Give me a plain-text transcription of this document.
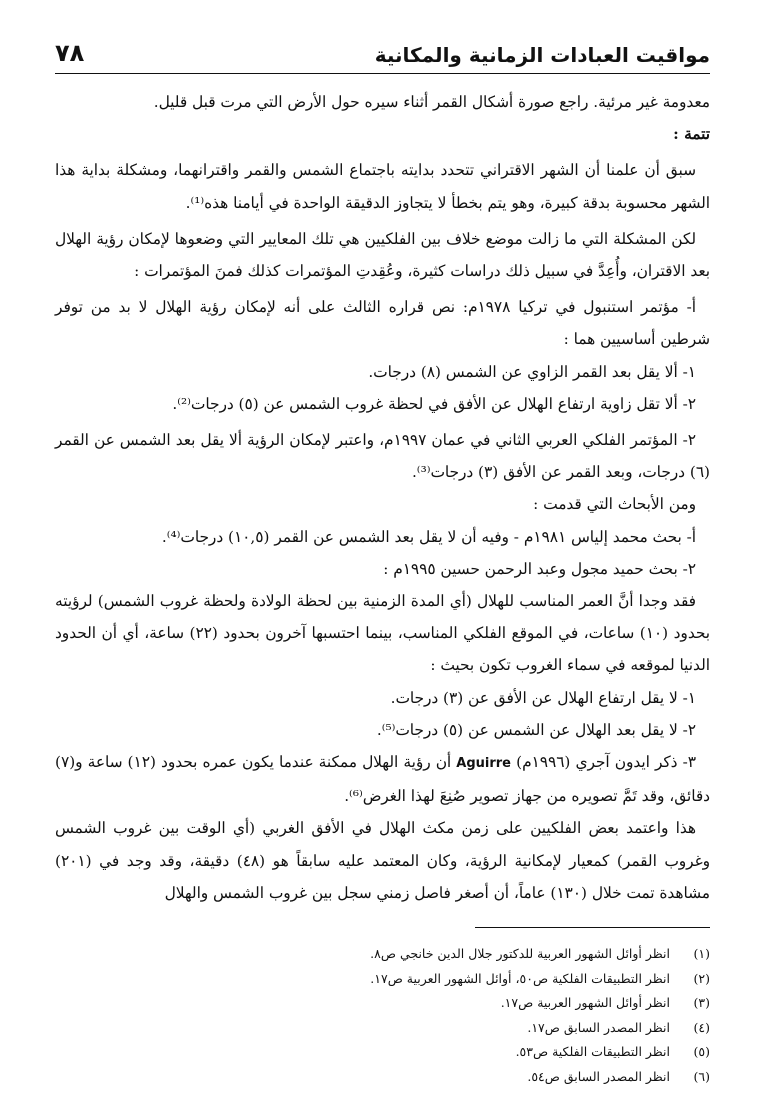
مواقيت العبادات الزمانية والمكانية
٧٨

معدومة غير مرئية. راجع صورة أشكال القمر أثناء سيره حول الأرض التي مرت قبل قليل.

تتمة :

سبق أن علمنا أن الشهر الاقتراني تتحدد بدايته باجتماع الشمس والقمر واقترانهما، ومشكلة بداية هذا الشهر محسوبة بدقة كبيرة، وهو يتم بخطأ لا يتجاوز الدقيقة الواحدة في أيامنا هذه⁽¹⁾.

لكن المشكلة التي ما زالت موضع خلاف بين الفلكيين هي تلك المعايير التي وضعوها لإمكان رؤية الهلال بعد الاقتران، وأُعِدَّ في سبيل ذلك دراسات كثيرة، وعُقِدتِ المؤتمرات كذلك فمنَ المؤتمرات :

أ- مؤتمر استنبول في تركيا ١٩٧٨م: نص قراره الثالث على أنه لإمكان رؤية الهلال لا بد من توفر شرطين أساسيين هما :

١- ألا يقل بعد القمر الزاوي عن الشمس (٨) درجات.

٢- ألا تقل زاوية ارتفاع الهلال عن الأفق في لحظة غروب الشمس عن (٥) درجات⁽²⁾.

٢- المؤتمر الفلكي العربي الثاني في عمان ١٩٩٧م، واعتبر لإمكان الرؤية ألا يقل بعد الشمس عن القمر (٦) درجات، وبعد القمر عن الأفق (٣) درجات⁽³⁾.

ومن الأبحاث التي قدمت :

أ- بحث محمد إلياس ١٩٨١م - وفيه أن لا يقل بعد الشمس عن القمر (١٠,٥) درجات⁽⁴⁾.

٢- بحث حميد مجول وعبد الرحمن حسين ١٩٩٥م :

فقد وجدا أنَّ العمر المناسب للهلال (أي المدة الزمنية بين لحظة الولادة ولحظة غروب الشمس) لرؤيته بحدود (١٠) ساعات، في الموقع الفلكي المناسب، بينما احتسبها آخرون بحدود (٢٢) ساعة، أي أن الحدود الدنيا لموقعه في سماء الغروب تكون بحيث :

١- لا يقل ارتفاع الهلال عن الأفق عن (٣) درجات.

٢- لا يقل بعد الهلال عن الشمس عن (٥) درجات⁽⁵⁾.

٣- ذكر ايدون آجري (١٩٩٦م) Aguirre أن رؤية الهلال ممكنة عندما يكون عمره بحدود (١٢) ساعة و(٧) دقائق، وقد تَمَّ تصويره من جهاز تصوير صُنِعَ لهذا الغرض⁽⁶⁾.

هذا واعتمد بعض الفلكيين على زمن مكث الهلال في الأفق الغربي (أي الوقت بين غروب الشمس وغروب القمر) كمعيار لإمكانية الرؤية، وكان المعتمد عليه سابقاً هو (٤٨) دقيقة، وقد وجد في (٢٠١) مشاهدة تمت خلال (١٣٠) عاماً، أن أصغر فاصل زمني سجل بين غروب الشمس والهلال

(١)
انظر أوائل الشهور العربية للدكتور جلال الدين خانجي ص٨.
(٢)
انظر التطبيقات الفلكية ص٥٠، أوائل الشهور العربية ص١٧.
(٣)
انظر أوائل الشهور العربية ص١٧.
(٤)
انظر المصدر السابق ص١٧.
(٥)
انظر التطبيقات الفلكية ص٥٣.
(٦)
انظر المصدر السابق ص٥٤.
